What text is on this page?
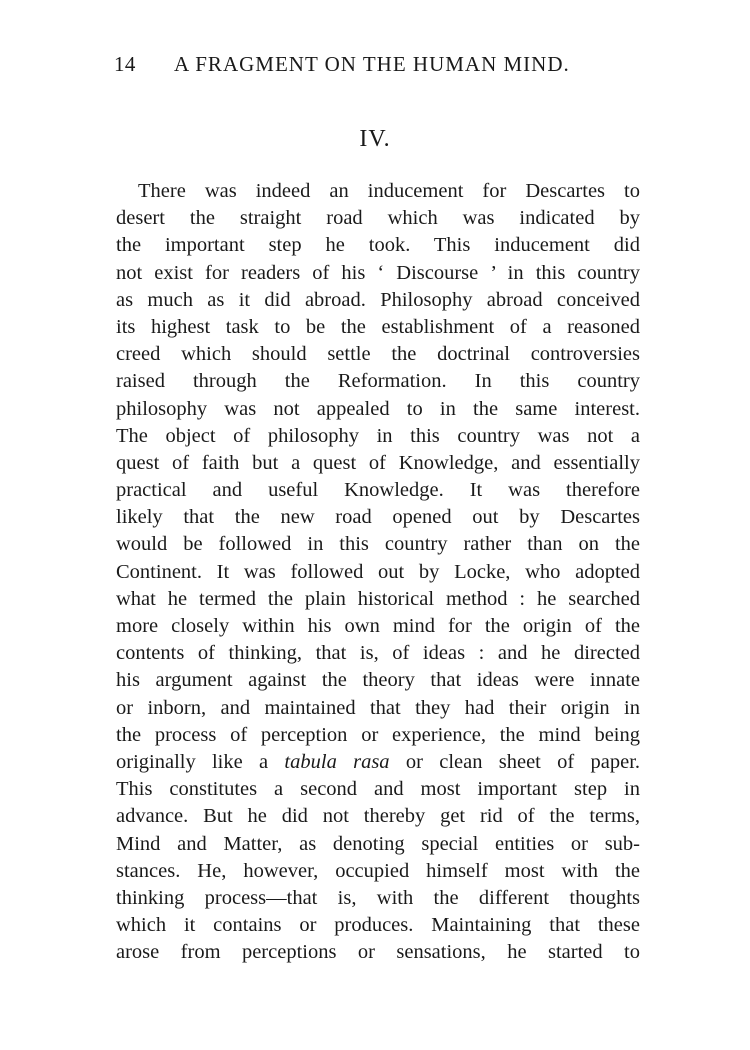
14 A FRAGMENT ON THE HUMAN MIND.
IV.
There was indeed an inducement for Descartes to
desert the straight road which was indicated by
the important step he took. This inducement did
not exist for readers of his ‘ Discourse ’ in this country
as much as it did abroad. Philosophy abroad conceived
its highest task to be the establishment of a reasoned
creed which should settle the doctrinal controversies
raised through the Reformation. In this country
philosophy was not appealed to in the same interest.
The object of philosophy in this country was not a
quest of faith but a quest of Knowledge, and essentially
practical and useful Knowledge. It was therefore
likely that the new road opened out by Descartes
would be followed in this country rather than on the
Continent. It was followed out by Locke, who adopted
what he termed the plain historical method : he searched
more closely within his own mind for the origin of the
contents of thinking, that is, of ideas : and he directed
his argument against the theory that ideas were innate
or inborn, and maintained that they had their origin in
the process of perception or experience, the mind being
originally like a tabula rasa or clean sheet of paper.
This constitutes a second and most important step in
advance. But he did not thereby get rid of the terms,
Mind and Matter, as denoting special entities or sub-
stances. He, however, occupied himself most with the
thinking process—that is, with the different thoughts
which it contains or produces. Maintaining that these
arose from perceptions or sensations, he started to
